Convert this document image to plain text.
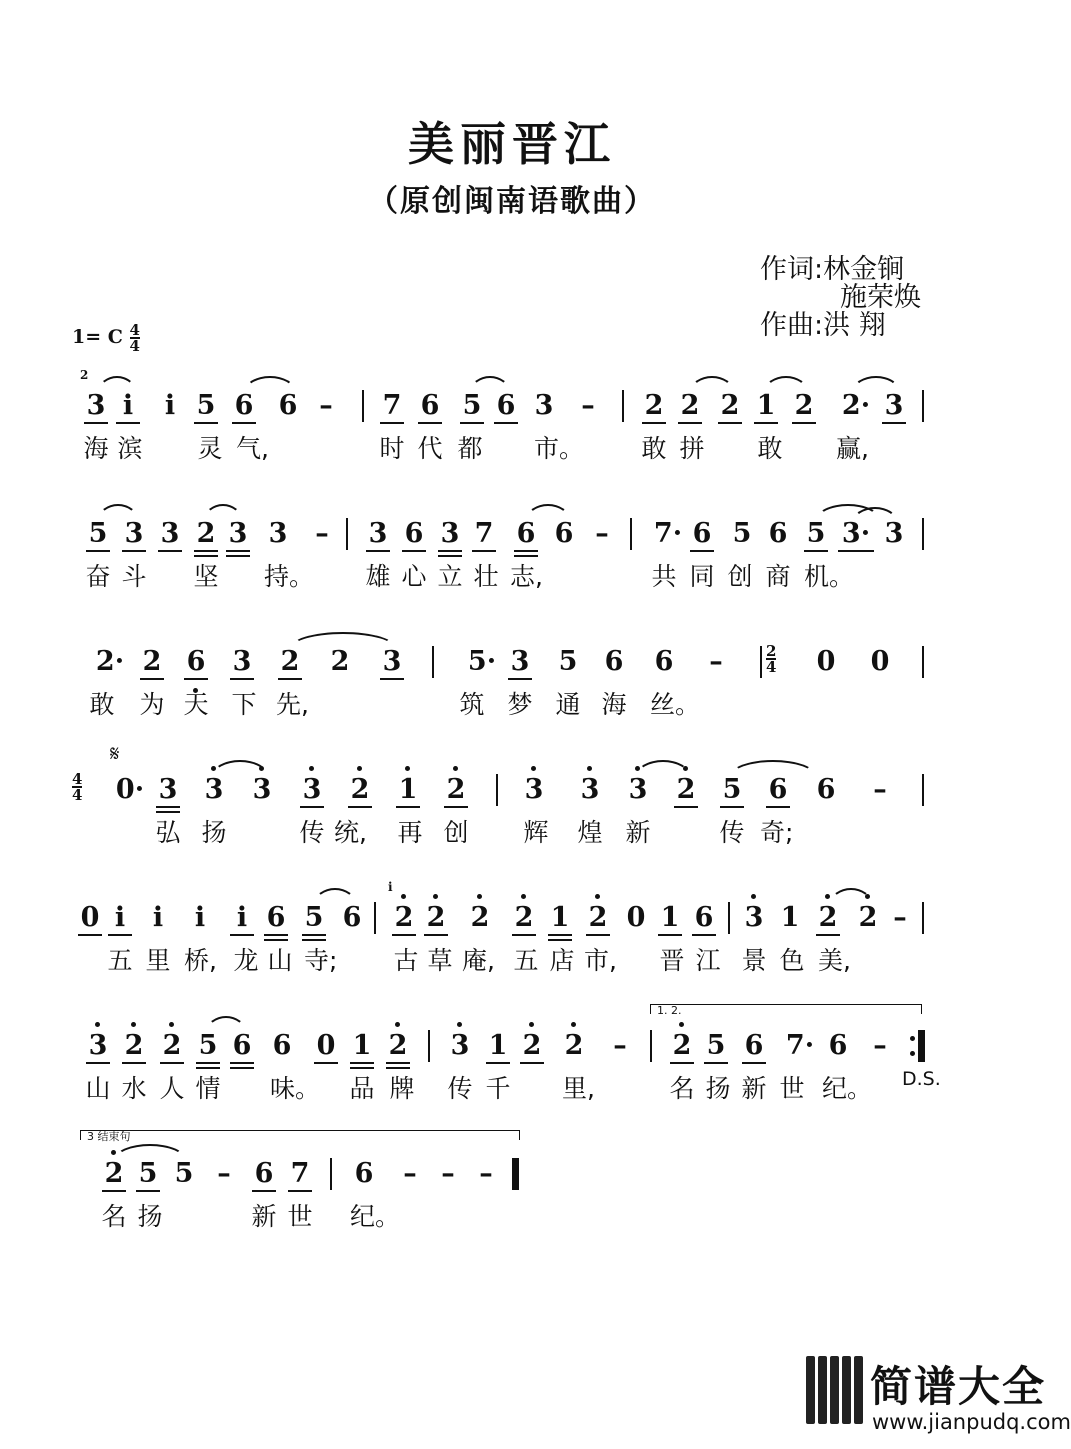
美丽晋江
（原创闽南语歌曲）
作词:林金锏
施荣焕
作曲:洪 翔
1= C $\frac{4}{4}$
2
3 i	i 5 6 6 – 7 6 5 6 3 – 2 2 2 1 2 2· 3
海 滨	灵 气,	时 代 都	市。 敢 拼	敢	赢,
5 3 3 2 3 3 – 3 6 3 7 6 6 – 7· 6 5 6 5 3· 3
奋 斗	坚	持。 雄 心 立 壮 志,	共 同 创 商 机。
2· 2 6 3 2 2 3 5· 3 5 6 6 –	$\frac{2}{4} 0$ 0
敢 为 天 下 先,	筑 梦 通 海 丝。
𝄋
$\frac{4}{4} 0\cdot 3$ 3 3 3 2 1 2 3 3 3 2 5 6 6 –
弘 扬	传 统, 再 创	辉	煌 新	传 奇;
0 i	i	i	i 6 5 6
i
2 2 2 2 1 2 0 1 6 3 1 2 2 –
五 里 桥, 龙 山 寺; 古 草 庵, 五 店 市, 晋 江 景 色 美,
1. 2.
3 2 2 5 6 6 0 1 2 3 1 2 2 – 2 5 6 7· 6 –
D.S.
山 水 人 情	味。 品 牌	传 千	里,	名 扬 新 世 纪。
3 结束句
2 5 5 – 6 7 6 – – –
名 扬	新 世	纪。
简谱大全
www.jianpudq.com
